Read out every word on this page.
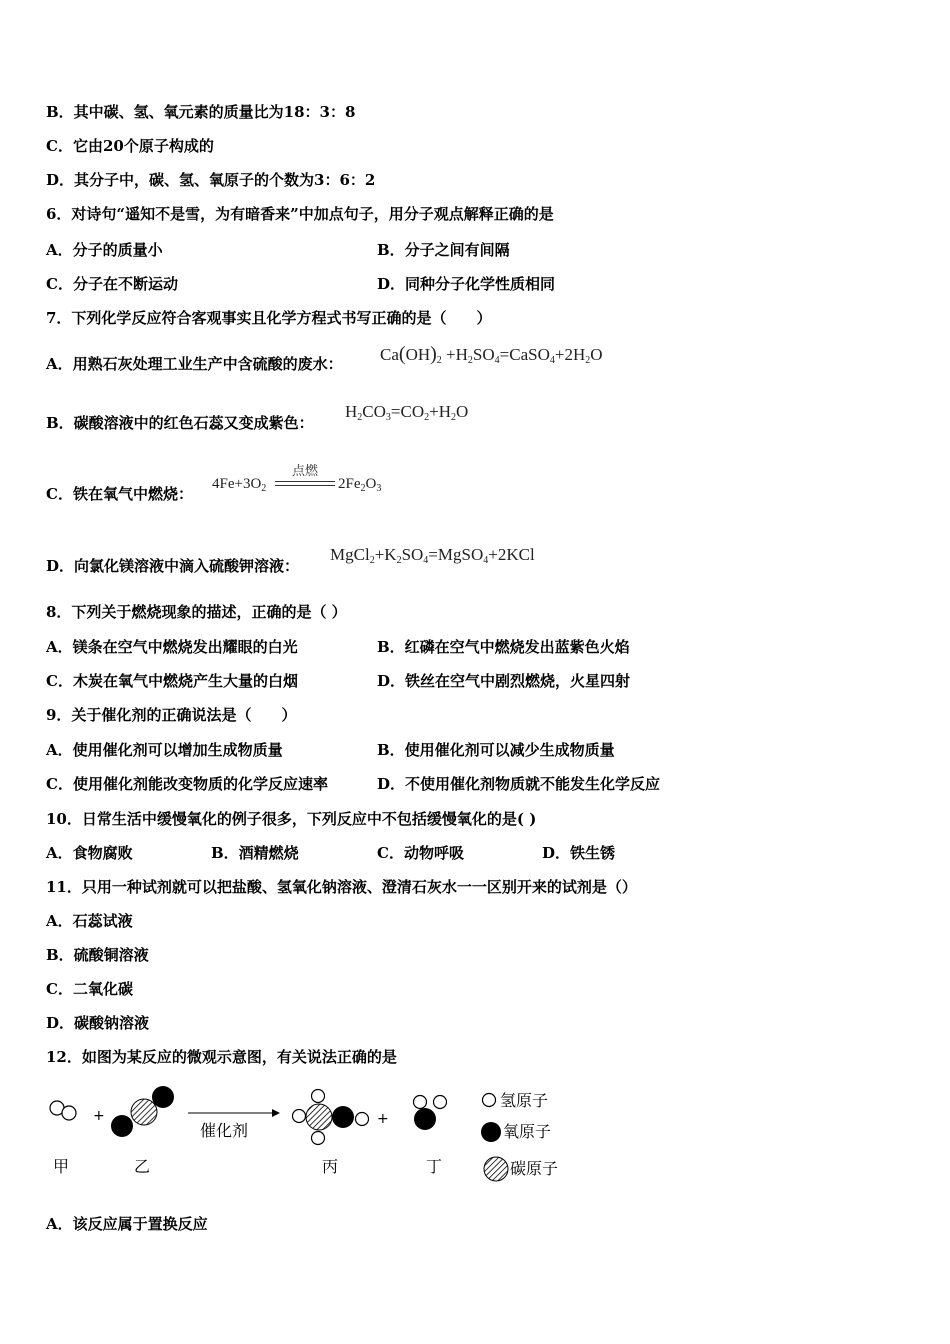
B．其中碳、氢、氧元素的质量比为18：3：8
C．它由20个原子构成的
D．其分子中，碳、氢、氧原子的个数为3：6：2
6．对诗句“遥知不是雪，为有暗香来”中加点句子，用分子观点解释正确的是
A．分子的质量小	B．分子之间有间隔
C．分子在不断运动	D．同种分子化学性质相同
7．下列化学反应符合客观事实且化学方程式书写正确的是（　　）
A．用熟石灰处理工业生产中含硫酸的废水： $Ca(OH)_2$ $+H_2SO_4=CaSO_4+2H_2O$
B．碳酸溶液中的红色石蕊又变成紫色：
$H_2CO_3=CO_2+H_2O$
C．铁在氧气中燃烧：
$4Fe+3O_2$
点燃
$2Fe_2O_3$
D．向氯化镁溶液中滴入硫酸钾溶液：
$MgCl_2+K_2SO_4=MgSO_4+2KCl$
8．下列关于燃烧现象的描述，正确的是（ ）
A．镁条在空气中燃烧发出耀眼的白光	B．红磷在空气中燃烧发出蓝紫色火焰
C．木炭在氧气中燃烧产生大量的白烟	D．铁丝在空气中剧烈燃烧，火星四射
9．关于催化剂的正确说法是（　　）
A．使用催化剂可以增加生成物质量	B．使用催化剂可以减少生成物质量
C．使用催化剂能改变物质的化学反应速率	D．不使用催化剂物质就不能发生化学反应
10．日常生活中缓慢氧化的例子很多，下列反应中不包括缓慢氧化的是( )
A．食物腐败	B．酒精燃烧	C．动物呼吸	D．铁生锈
11．只用一种试剂就可以把盐酸、氢氧化钠溶液、澄清石灰水一一区别开来的试剂是（）
A．石蕊试液
B．硫酸铜溶液
C．二氧化碳
D．碳酸钠溶液
12．如图为某反应的微观示意图，有关说法正确的是
+
催化剂
+
甲	乙	丙	丁
氢原子
氧原子
碳原子
A．该反应属于置换反应
